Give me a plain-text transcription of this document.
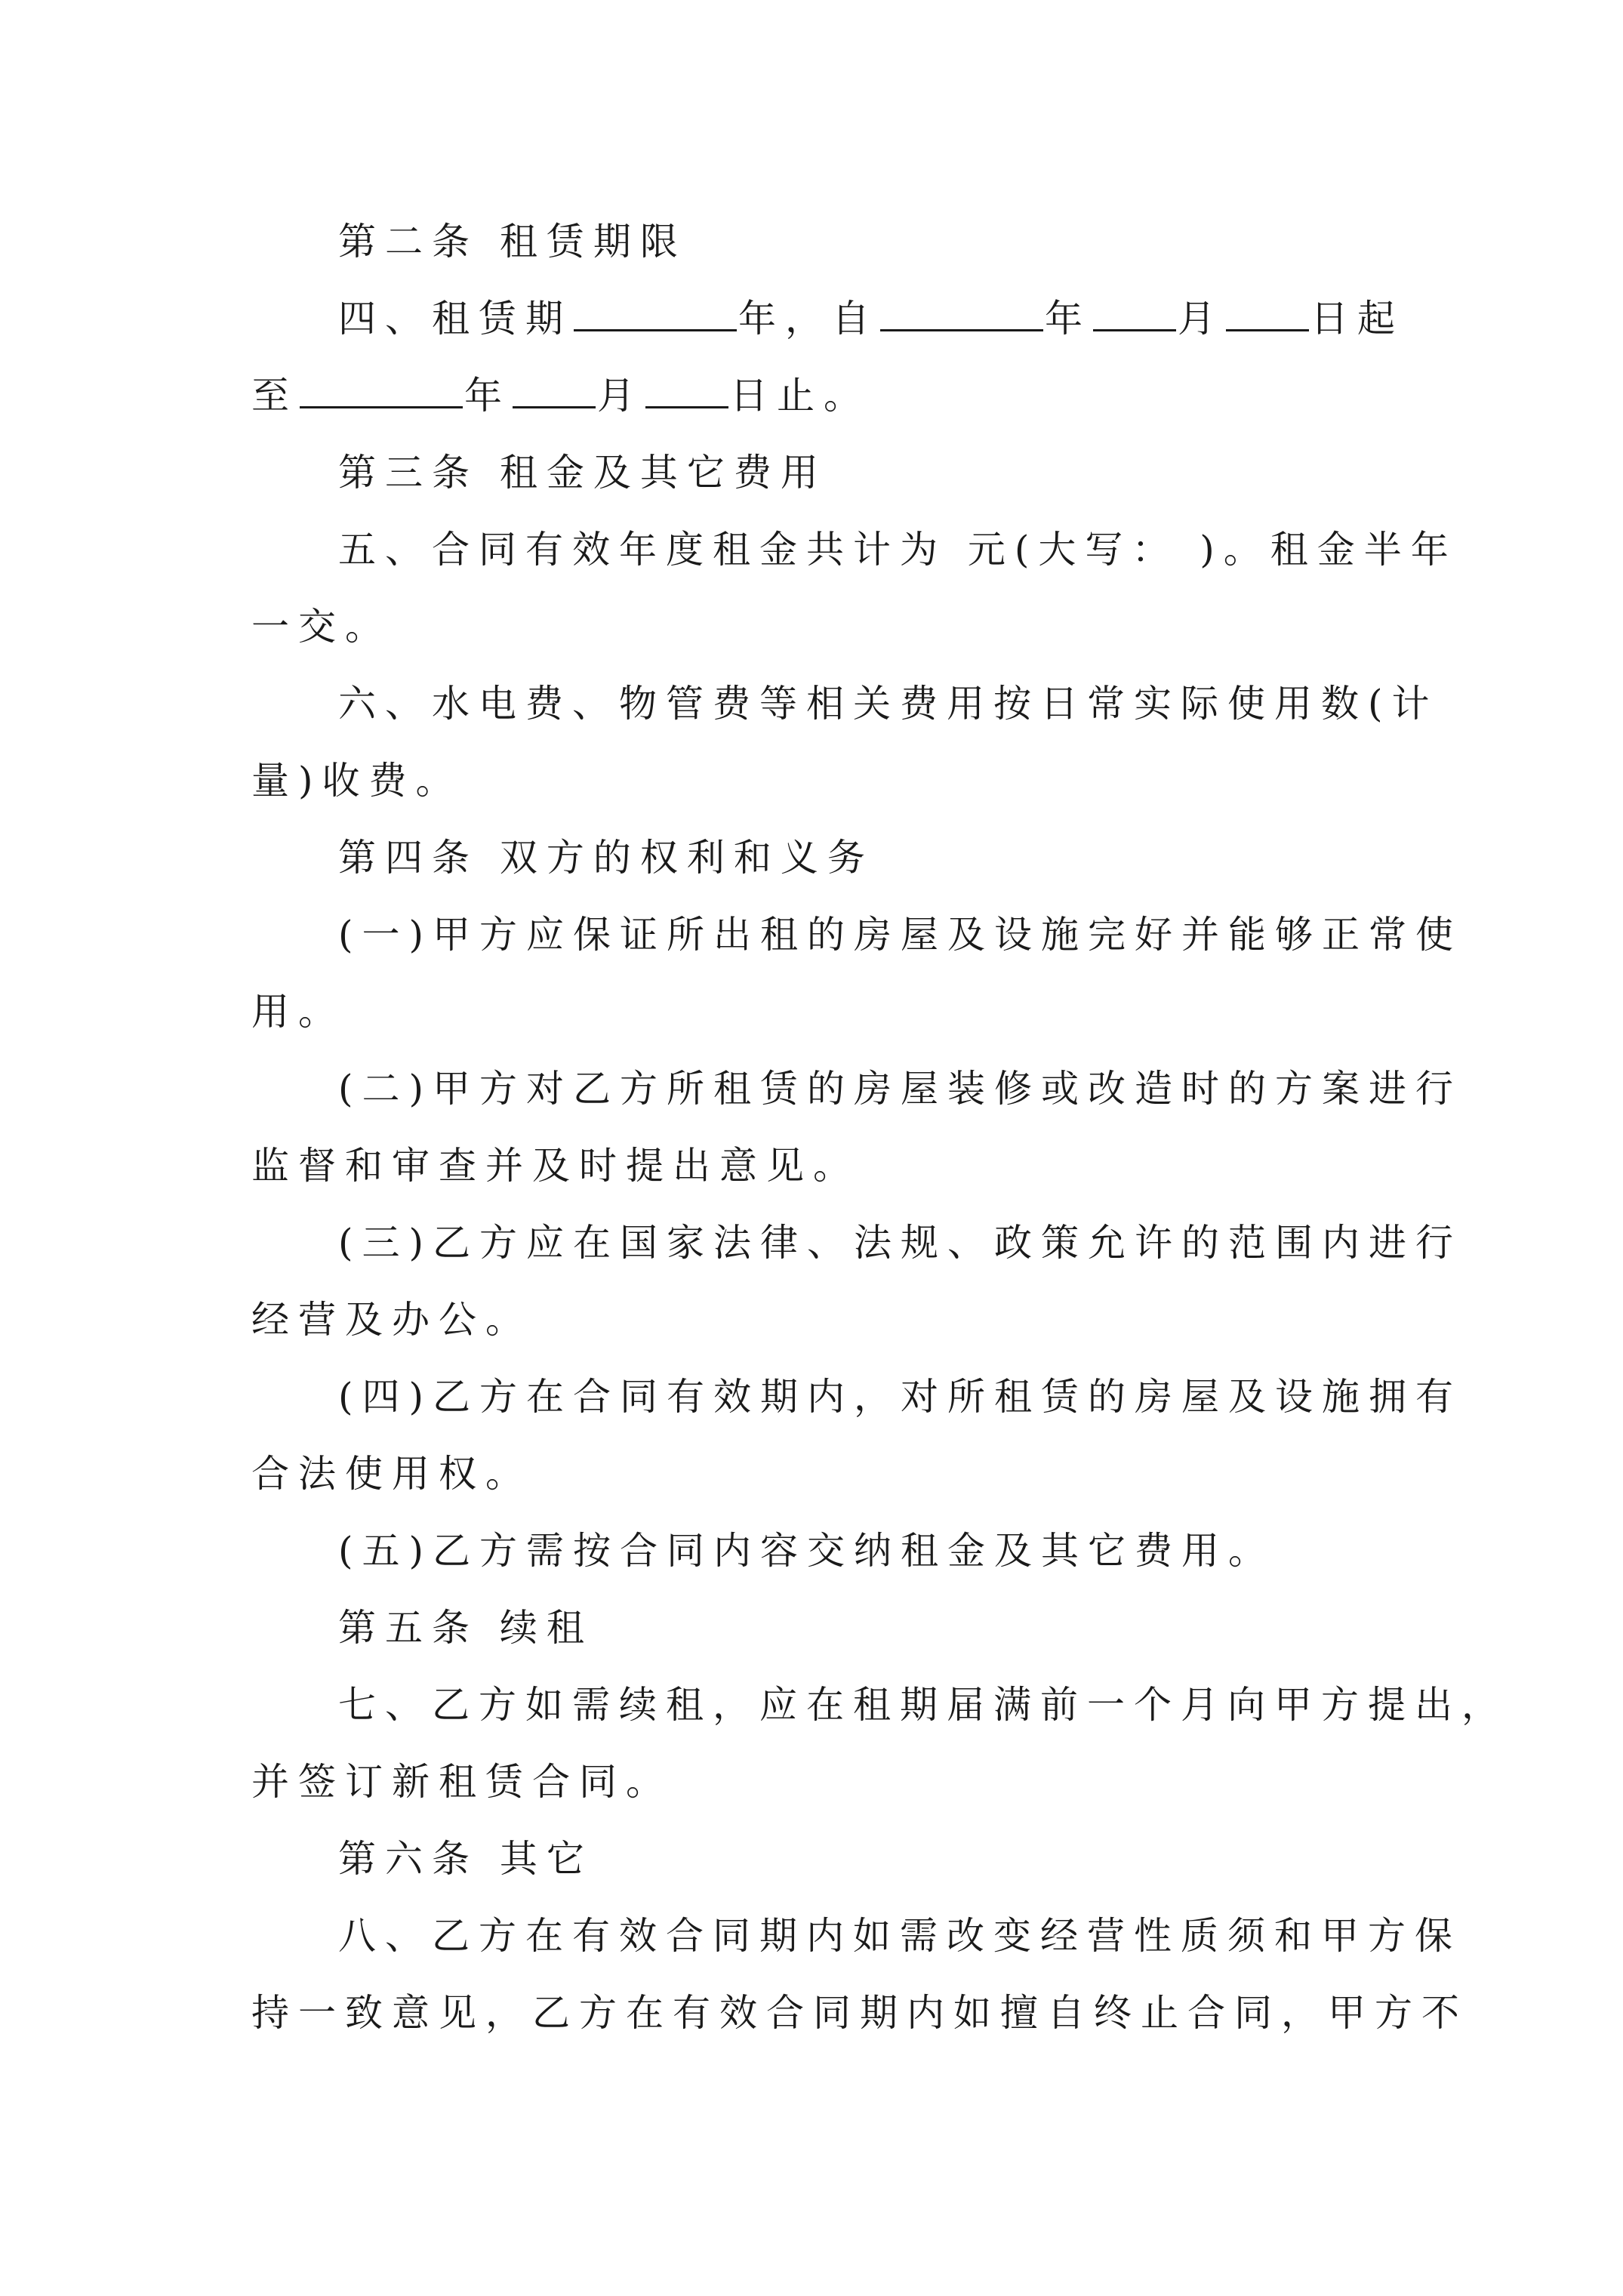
第二条 租赁期限
四、租赁期	年，自	年 月 日起
至	年 月 日止。
第三条 租金及其它费用
五、合同有效年度租金共计为 元(大写： )。租金半年
一交。
六、水电费、物管费等相关费用按日常实际使用数(计
量)收费。
第四条 双方的权利和义务
(一)甲方应保证所出租的房屋及设施完好并能够正常使
用。
(二)甲方对乙方所租赁的房屋装修或改造时的方案进行
监督和审查并及时提出意见。
(三)乙方应在国家法律、法规、政策允许的范围内进行
经营及办公。
(四)乙方在合同有效期内，对所租赁的房屋及设施拥有
合法使用权。
(五)乙方需按合同内容交纳租金及其它费用。
第五条 续租
七、乙方如需续租，应在租期届满前一个月向甲方提出，
并签订新租赁合同。
第六条 其它
八、乙方在有效合同期内如需改变经营性质须和甲方保
持一致意见，乙方在有效合同期内如擅自终止合同，甲方不
